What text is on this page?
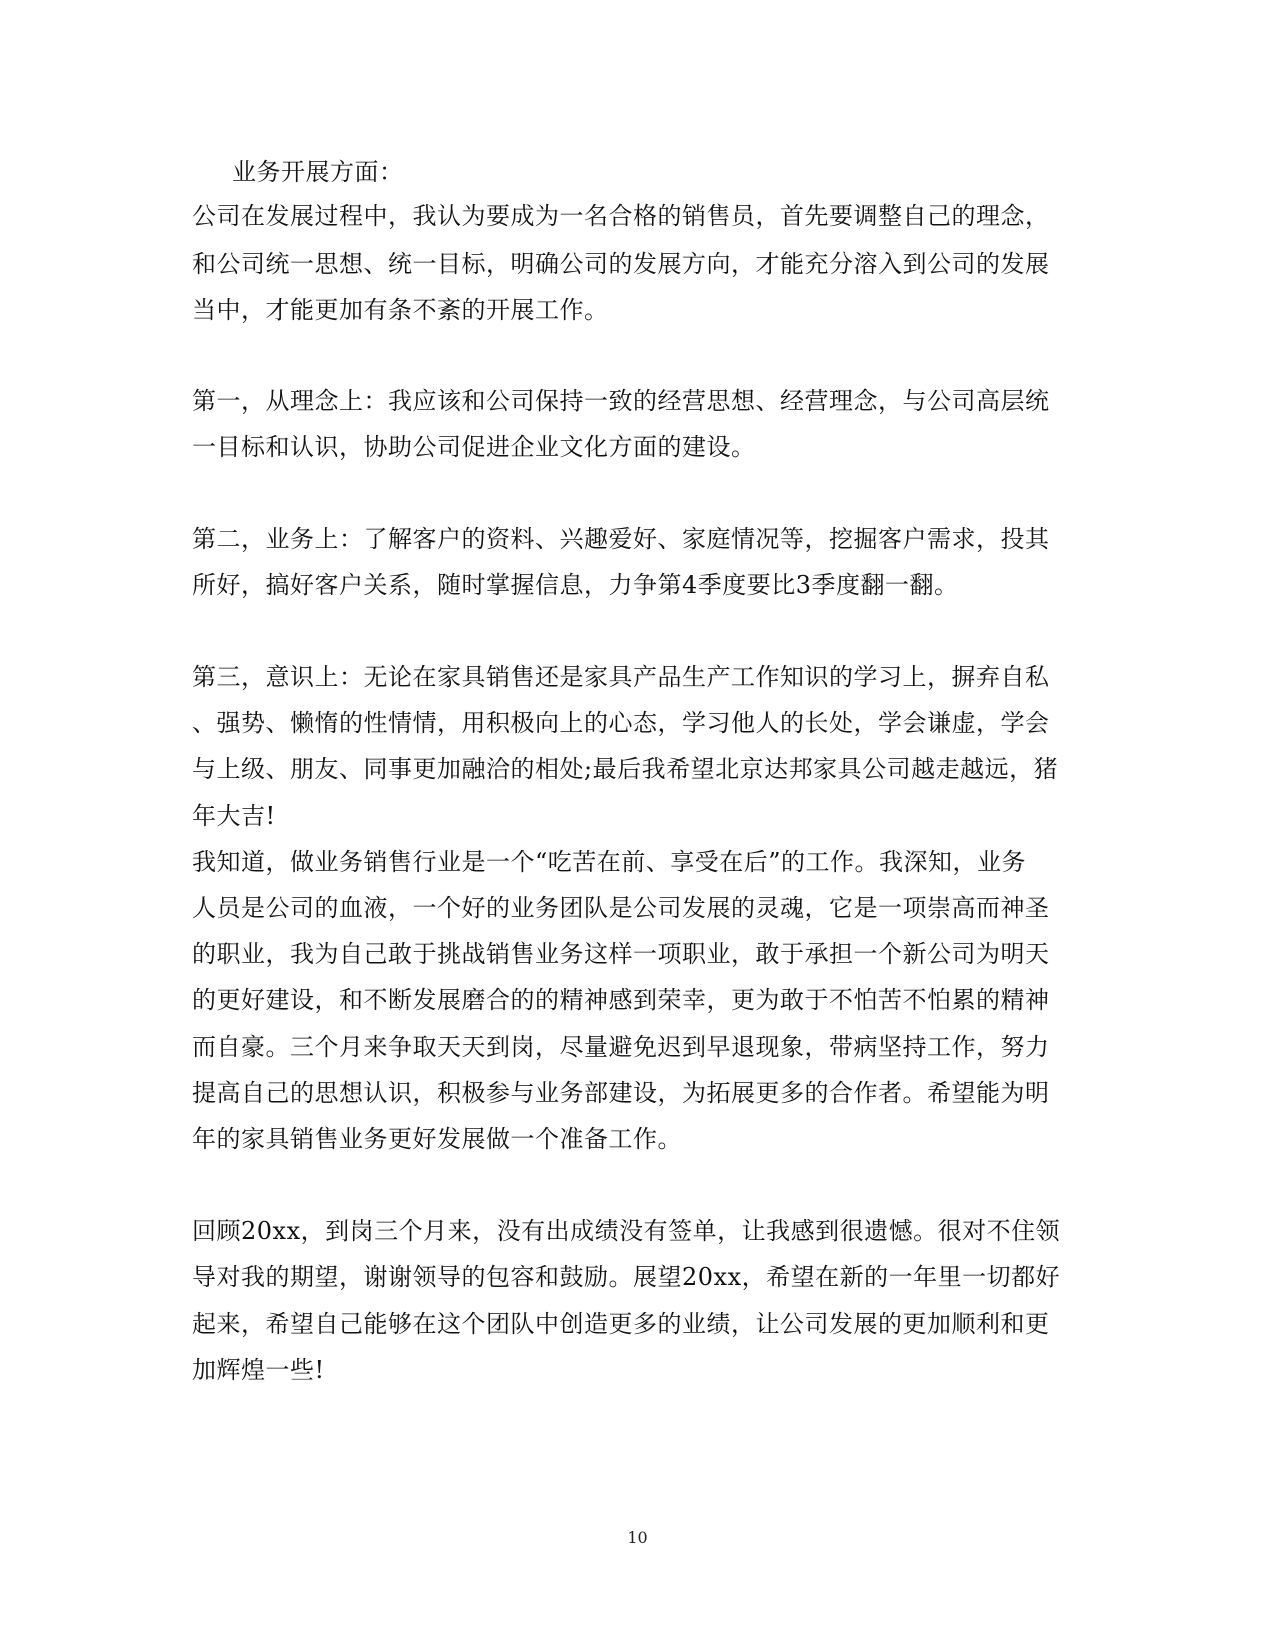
业务开展方面：
公司在发展过程中，我认为要成为一名合格的销售员，首先要调整自己的理念，
和公司统一思想、统一目标，明确公司的发展方向，才能充分溶入到公司的发展
当中，才能更加有条不紊的开展工作。
第一，从理念上：我应该和公司保持一致的经营思想、经营理念，与公司高层统
一目标和认识，协助公司促进企业文化方面的建设。
第二，业务上：了解客户的资料、兴趣爱好、家庭情况等，挖掘客户需求，投其
所好，搞好客户关系，随时掌握信息，力争第4季度要比3季度翻一翻。
第三，意识上：无论在家具销售还是家具产品生产工作知识的学习上，摒弃自私
、强势、懒惰的性情情，用积极向上的心态，学习他人的长处，学会谦虚，学会
与上级、朋友、同事更加融洽的相处;最后我希望北京达邦家具公司越走越远，猪
年大吉!
我知道，做业务销售行业是一个“吃苦在前、享受在后”的工作。我深知，业务
人员是公司的血液，一个好的业务团队是公司发展的灵魂，它是一项崇高而神圣
的职业，我为自己敢于挑战销售业务这样一项职业，敢于承担一个新公司为明天
的更好建设，和不断发展磨合的的精神感到荣幸，更为敢于不怕苦不怕累的精神
而自豪。三个月来争取天天到岗，尽量避免迟到早退现象，带病坚持工作，努力
提高自己的思想认识，积极参与业务部建设，为拓展更多的合作者。希望能为明
年的家具销售业务更好发展做一个准备工作。
回顾20xx，到岗三个月来，没有出成绩没有签单，让我感到很遗憾。很对不住领
导对我的期望，谢谢领导的包容和鼓励。展望20xx，希望在新的一年里一切都好
起来，希望自己能够在这个团队中创造更多的业绩，让公司发展的更加顺利和更
加辉煌一些!
10
